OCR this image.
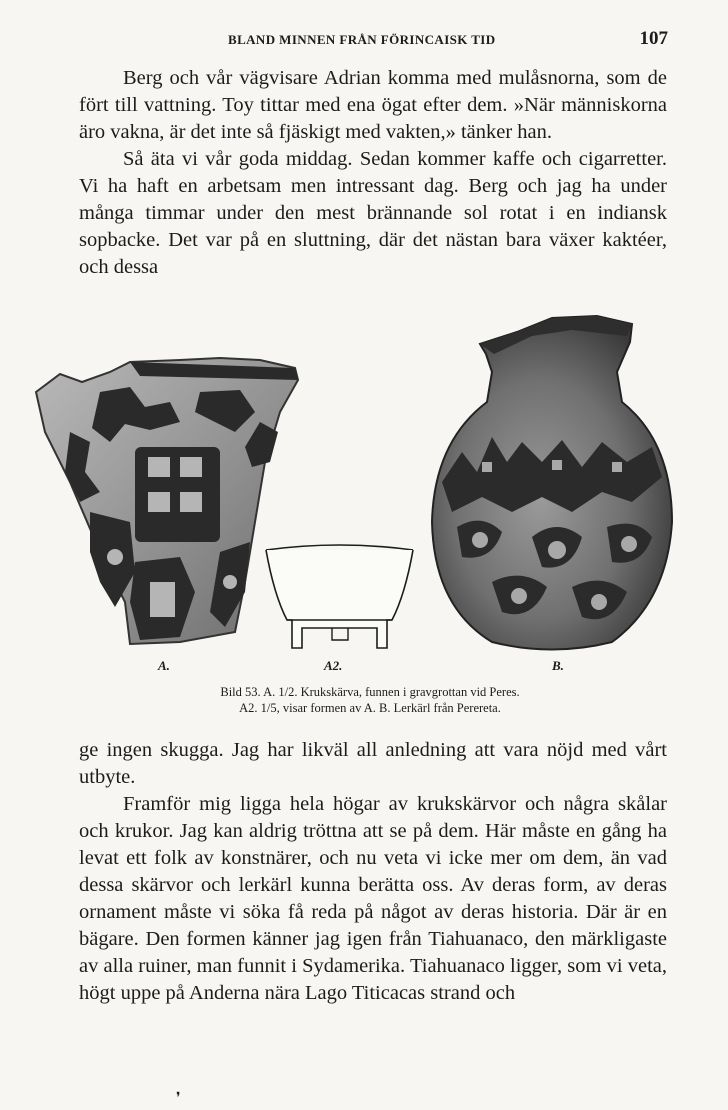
BLAND MINNEN FRÅN FÖRINCAISK TID	107

Berg och vår vägvisare Adrian komma med mulåsnorna, som de fört till vattning. Toy tittar med ena ögat efter dem. »När människorna äro vakna, är det inte så fjäskigt med vakten,» tänker han.

Så äta vi vår goda middag. Sedan kommer kaffe och cigarretter. Vi ha haft en arbetsam men intressant dag. Berg och jag ha under många timmar under den mest brännande sol rotat i en indiansk sopbacke. Det var på en sluttning, där det nästan bara växer kaktéer, och dessa

A.	A2.	B.
Bild 53. A. 1/2. Krukskärva, funnen i gravgrottan vid Peres.
A2. 1/5, visar formen av A. B. Lerkärl från Perereta.

ge ingen skugga. Jag har likväl all anledning att vara nöjd med vårt utbyte.

Framför mig ligga hela högar av krukskärvor och några skålar och krukor. Jag kan aldrig tröttna att se på dem. Här måste en gång ha levat ett folk av konstnärer, och nu veta vi icke mer om dem, än vad dessa skärvor och lerkärl kunna berätta oss. Av deras form, av deras ornament måste vi söka få reda på något av deras historia. Där är en bägare. Den formen känner jag igen från Tiahuanaco, den märkligaste av alla ruiner, man funnit i Sydamerika. Tiahuanaco ligger, som vi veta, högt uppe på Anderna nära Lago Titicacas strand och

❜
